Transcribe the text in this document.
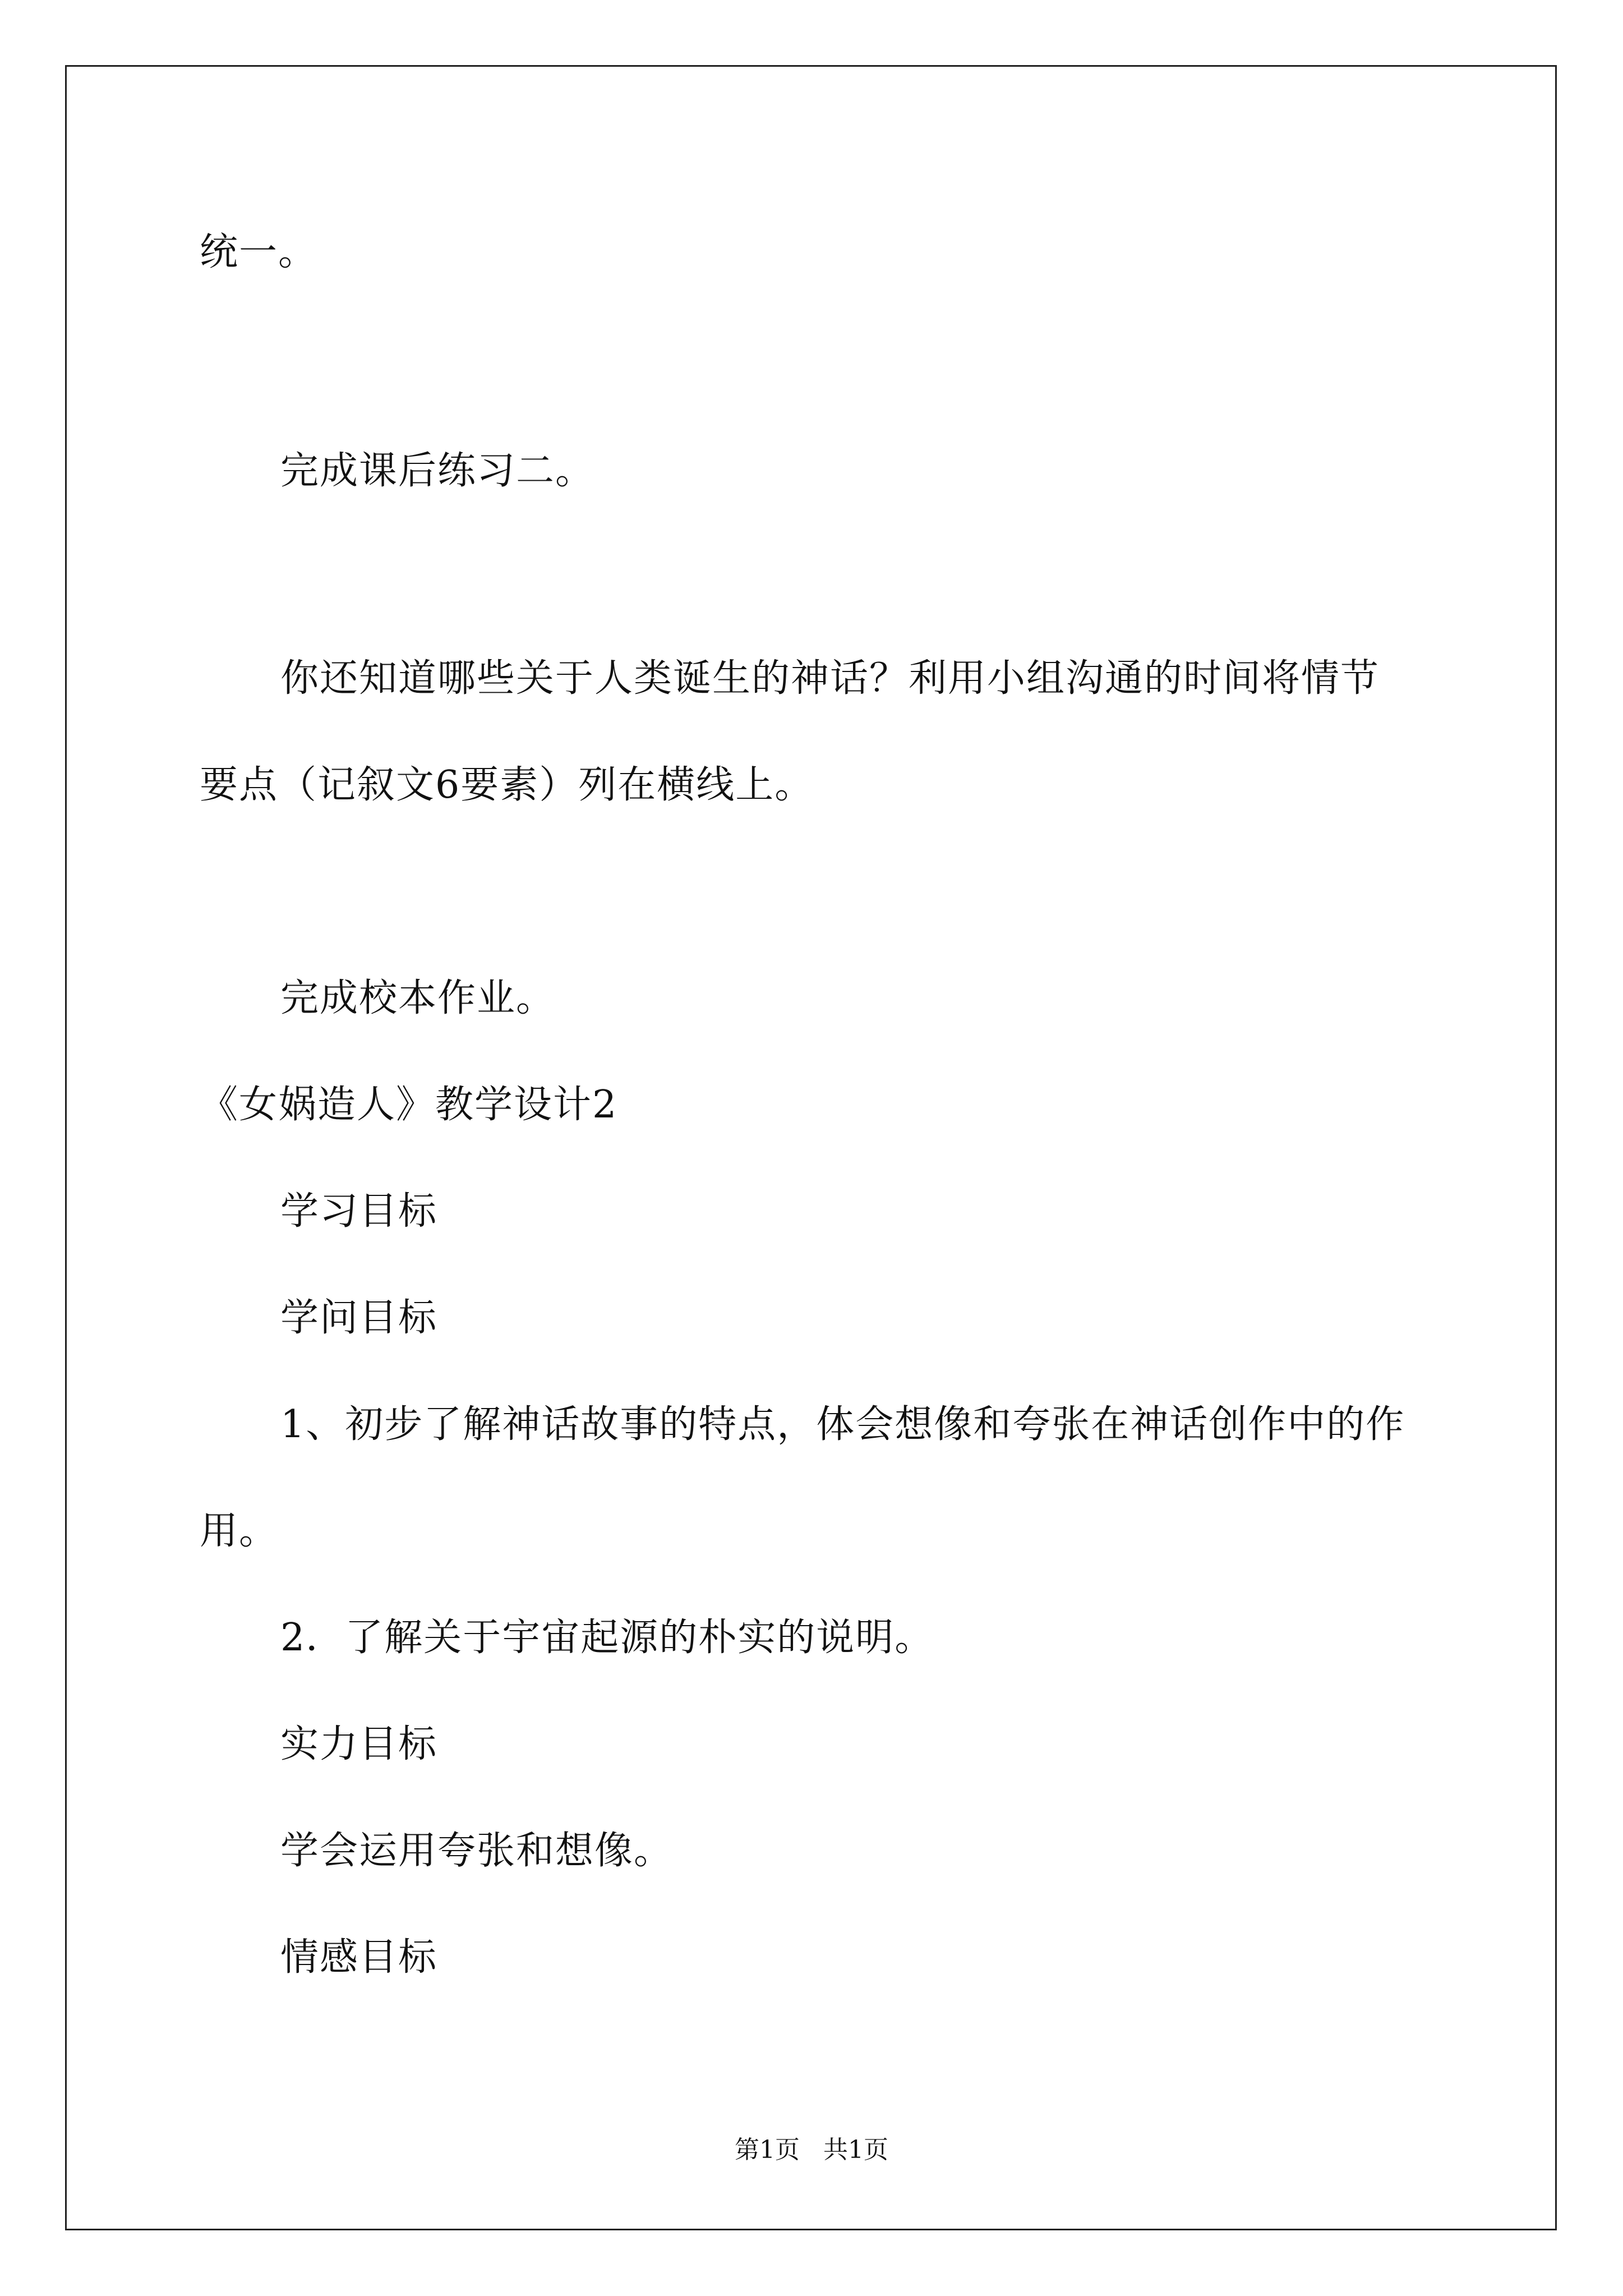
统一。

完成课后练习二。

你还知道哪些关于人类诞生的神话？利用小组沟通的时间将情节

要点（记叙文6要素）列在横线上。

完成校本作业。

《女娲造人》教学设计2

学习目标

学问目标

1、初步了解神话故事的特点，体会想像和夸张在神话创作中的作

用。

2．了解关于宇宙起源的朴实的说明。

实力目标

学会运用夸张和想像。

情感目标

第1页   共1页
